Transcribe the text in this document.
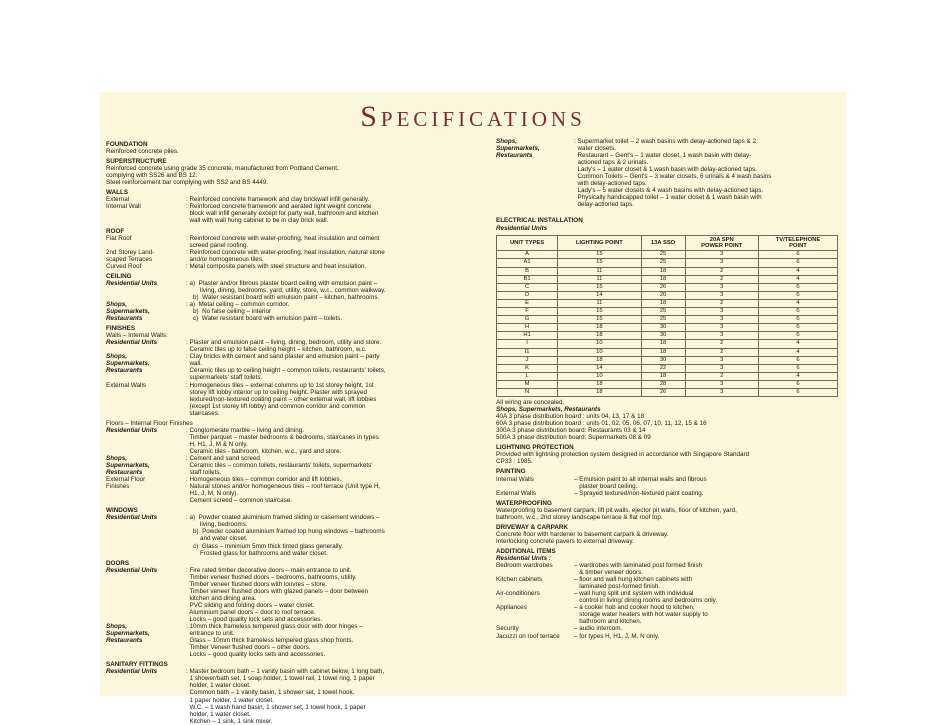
Specifications
FOUNDATION
Reinforced concrete piles.
SUPERSTRUCTURE
Reinforced concrete using grade 35 concrete, manufactured from Portland Cement,
complying with SS26 and BS 12.
Steel reinforcement bar complying with SS2 and BS 4449.
WALLS
External	: Reinforced concrete framework and clay brickwall infill generally.
Internal Wall	: Reinforced concrete framework and aerated light weight concrete
block wall infill generally except for party wall, bathroom and kitchen
wall with wall hung cabinet to be in clay brick wall.
ROOF
Flat Roof	: Reinforced concrete with water-proofing, heat insulation and cement
screed panel roofing.
2nd Storey Land-	: Reinforced concrete with water-proofing, heat insulation, natural stone
scaped Terraces	and/or homogeneous tiles.
Curved Roof	: Metal composite panels with steel structure and heat insulation.
CEILING
Residential Units	: a)  Plaster and/or fibrous plaster board ceiling with emulsion paint –
living, dining, bedrooms, yard, utility, store, w.c., common walkway.
b)  Water resistant board with emulsion paint – kitchen, bathrooms.
Shops,	: a)  Metal ceiling – common corridor.
Supermarkets,	b)  No false ceiling – interior
Restaurants	c)  Water resistant board with emulsion paint – toilets.
FINISHES
Walls – Internal Walls:
Residential Units	: Plaster and emulsion paint – living, dining, bedroom, utility and store.
Ceramic tiles up to false ceiling height – kitchen, bathroom, w.c.
Shops,	: Clay bricks with cement and sand plaster and emulsion paint – party
Supermarkets,	wall.
Restaurants	Ceramic tiles up to ceiling height – common toilets, restaurants' toilets,
supermarkets' staff toilets.
External Walls	: Homogeneous tiles – external columns up to 1st storey height, 1st
storey lift lobby interior up to ceiling height. Plaster with sprayed
textured/non-textured coating paint – other external wall, lift lobbies
(except 1st storey lift lobby) and common corridor and common
staircases.
Floors – Internal Floor Finishes
Residential Units	: Conglomerate marble – living and dining.
Timber parquet – master bedrooms & bedrooms, staircases in types
H, H1, J, M & N only.
Ceramic tiles - bathroom, kitchen, w.c., yard and store.
Shops,	: Cement and sand screed.
Supermarkets,	Ceramic tiles – common toilets, restaurants' toilets, supermarkets'
Restaurants	staff toilets.
External Floor	: Homogeneous tiles – common corridor and lift lobbies.
Finishes	Natural stones and/or homogeneous tiles – roof terrace (Unit type H,
H1, J, M, N only).
Cement screed – common staircase.
WINDOWS
Residential Units	: a)  Powder coated aluminium framed sliding or casement windows –
living, bedrooms.
b)  Powder coated aluminium framed top hung windows – bathrooms
and water closet.
c)  Glass – minimum 5mm thick tinted glass generally.
Frosted glass for bathrooms and water closet.
DOORS
Residential Units	: Fire rated timber decorative doors – main entrance to unit.
Timber veneer flushed doors – bedrooms, bathrooms, utility.
Timber veneer flushed doors with louvres – store.
Timber veneer flushed doors with glazed panels – door between
kitchen and dining area.
PVC sliding and folding doors – water closet.
Aluminium panel doors – door to roof terrace.
Locks – good quality lock sets and accessories.
Shops,	: 10mm thick frameless tempered glass door with door hinges –
Supermarkets,	entrance to unit.
Restaurants	Glass – 10mm thick frameless tempered glass shop fronts.
Timber Veneer flushed doors – other doors.
Locks – good quality locks sets and accessories.
SANITARY FITTINGS
Residential Units	: Master bedroom bath – 1 vanity basin with cabinet below, 1 long bath,
1 shower/bath set, 1 soap holder, 1 towel rail, 1 towel ring, 1 paper
holder, 1 water closet.
Common bath – 1 vanity basin, 1 shower set, 1 towel hook,
1 paper holder, 1 water closet.
W.C. – 1 wash hand basin, 1 shower set, 1 towel hook, 1 paper
holder, 1 water closet.
Kitchen – 1 sink, 1 sink mixer.
Shops,	: Supermarket toilet – 2 wash basins with delay-actioned taps & 2
Supermarkets,	water closets.
Restaurants	Restaurant – Gent's – 1 water closet, 1 wash basin with delay-
actioned taps & 2 urinals.
Lady's – 1 water closet & 1 wash basin with delay-actioned taps.
Common Toilets – Gent's – 3 water closets, 6 urinals & 4 wash basins
with delay-actioned taps.
Lady's – 5 water closets & 4 wash basins with delay-actioned taps.
Physically handicapped toilet – 1 water closet & 1 wash basin with
delay-actioned taps.
ELECTRICAL INSTALLATION
Residential Units
UNIT TYPES	LIGHTING POINT	13A SSO	20A SPN
POWER POINT	TV/TELEPHONE
POINT
A	15	25	3	6
A1	15	25	3	6
B	11	18	2	4
B1	11	18	2	4
C	15	26	3	6
D	14	20	3	6
E	11	18	2	4
F	15	25	3	6
G	15	25	3	6
H	18	30	3	6
H1	18	30	3	6
I	10	18	2	4
I1	10	18	2	4
J	18	30	3	6
K	14	22	3	6
L	10	18	2	4
M	18	28	3	6
N	18	26	3	6
All wiring are concealed.
Shops, Supermarkets, Restaurants
40A 3 phase distribution board : units 04, 13, 17 & 18
60A 3 phase distribution board : units 01, 02, 05, 06, 07, 10, 11, 12, 15 & 16
300A 3 phase distribution board: Restaurants 03 & 14
500A 3 phase distribution board: Supermarkets 08 & 09
LIGHTNING PROTECTION
Provided with lightning protection system designed in accordance with Singapore Standard
CP33 : 1985.
PAINTING
Internal Walls	– Emulsion paint to all internal walls and fibrous
plaster board ceiling.
External Walls	– Sprayed textured/non-textured paint coating.
WATERPROOFING
Waterproofing to basement carpark, lift pit walls, ejector pit walls, floor of kitchen, yard,
bathroom, w.c., 2nd storey landscape terrace & flat roof top.
DRIVEWAY & CARPARK
Concrete floor with hardener to basement carpark & driveway.
Interlocking concrete pavers to external driveway.
ADDITIONAL ITEMS
Residential Units :
Bedroom wardrobes	– wardrobes with laminated post formed finish
& timber veneer doors.
Kitchen cabinets	– floor and wall hung kitchen cabinets with
laminated post-formed finish.
Air-conditioners	– wall hung split unit system with individual
control in living/ dining rooms and bedrooms only.
Appliances	– a cooker hob and cooker hood to kitchen,
storage water heaters with hot water supply to
bathroom and kitchen.
Security	– audio intercom.
Jacuzzi on roof terrace	– for types H, H1, J, M, N only.
